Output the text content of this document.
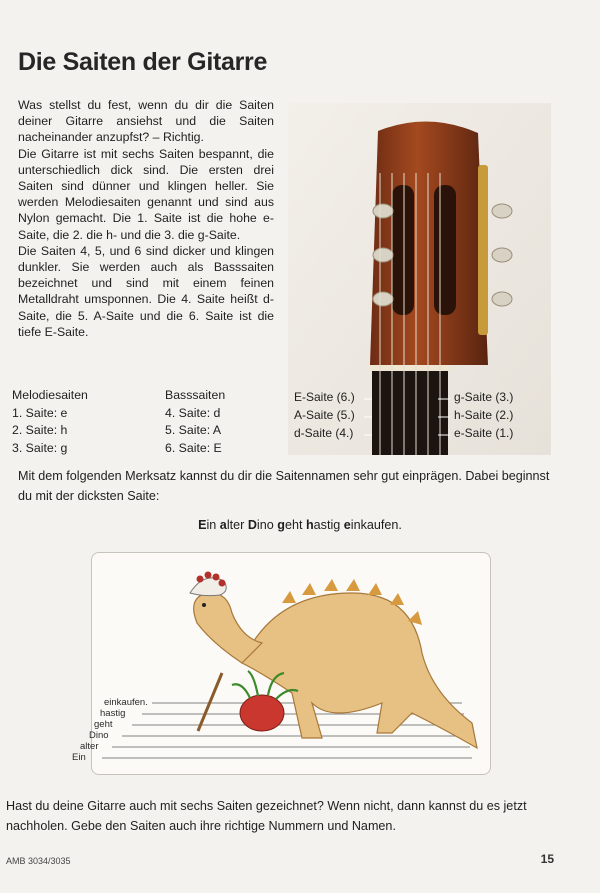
Die Saiten der Gitarre

Was stellst du fest, wenn du dir die Saiten deiner Gitarre ansiehst und die Saiten nacheinander anzupfst? – Richtig.

Die Gitarre ist mit sechs Saiten bespannt, die unterschiedlich dick sind. Die ersten drei Saiten sind dünner und klingen heller. Sie werden Melodiesaiten genannt und sind aus Nylon gemacht. Die 1. Saite ist die hohe e-Saite, die 2. die h- und die 3. die g-Saite.

Die Saiten 4, 5, und 6 sind dicker und klingen dunkler. Sie werden auch als Basssaiten bezeichnet und sind mit einem feinen Metalldraht umsponnen. Die 4. Saite heißt d-Saite, die 5. A-Saite und die 6. Saite ist die tiefe E-Saite.

E-Saite (6.)
A-Saite (5.)
d-Saite (4.)
g-Saite (3.)
h-Saite (2.)
e-Saite (1.)
Melodiesaiten
1. Saite: e
2. Saite: h
3. Saite: g
Basssaiten
4. Saite: d
5. Saite: A
6. Saite: E

Mit dem folgenden Merksatz kannst du dir die Saitennamen sehr gut einprägen. Dabei beginnst du mit der dicksten Saite:

Ein alter Dino geht hastig einkaufen.

einkaufen.
hastig
geht
Dino
alter
Ein

Hast du deine Gitarre auch mit sechs Saiten gezeichnet? Wenn nicht, dann kannst du es jetzt nachholen. Gebe den Saiten auch ihre richtige Nummern und Namen.

AMB 3034/3035	15
